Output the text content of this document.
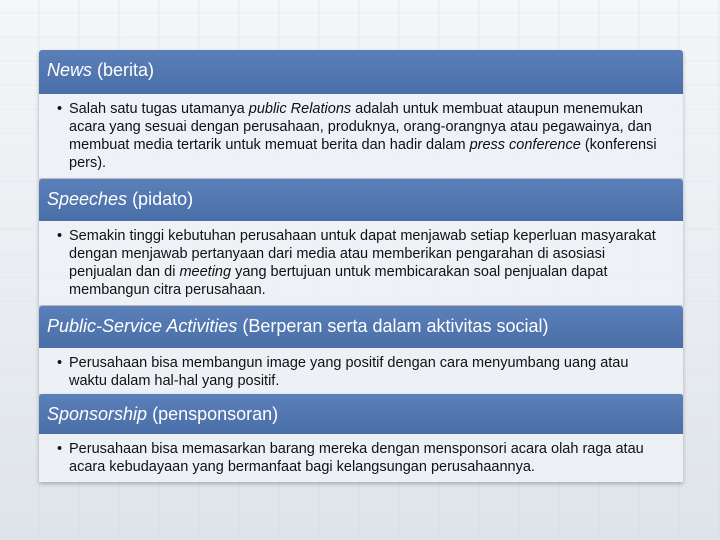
News (berita)
• Salah satu tugas utamanya public Relations adalah untuk membuat ataupun menemukan acara yang sesuai dengan perusahaan, produknya, orang-orangnya atau pegawainya, dan membuat media tertarik untuk memuat berita dan hadir dalam press conference (konferensi pers).
Speeches (pidato)
• Semakin tinggi kebutuhan perusahaan untuk dapat menjawab setiap keperluan masyarakat dengan menjawab pertanyaan dari media atau memberikan pengarahan di asosiasi penjualan dan di meeting yang bertujuan untuk membicarakan soal penjualan dapat membangun citra perusahaan.
Public-Service Activities (Berperan serta dalam aktivitas social)
• Perusahaan bisa membangun image yang positif dengan cara menyumbang uang atau waktu dalam hal-hal yang positif.
Sponsorship (pensponsoran)
• Perusahaan bisa memasarkan barang mereka dengan mensponsori acara olah raga atau acara kebudayaan yang bermanfaat bagi kelangsungan perusahaannya.
